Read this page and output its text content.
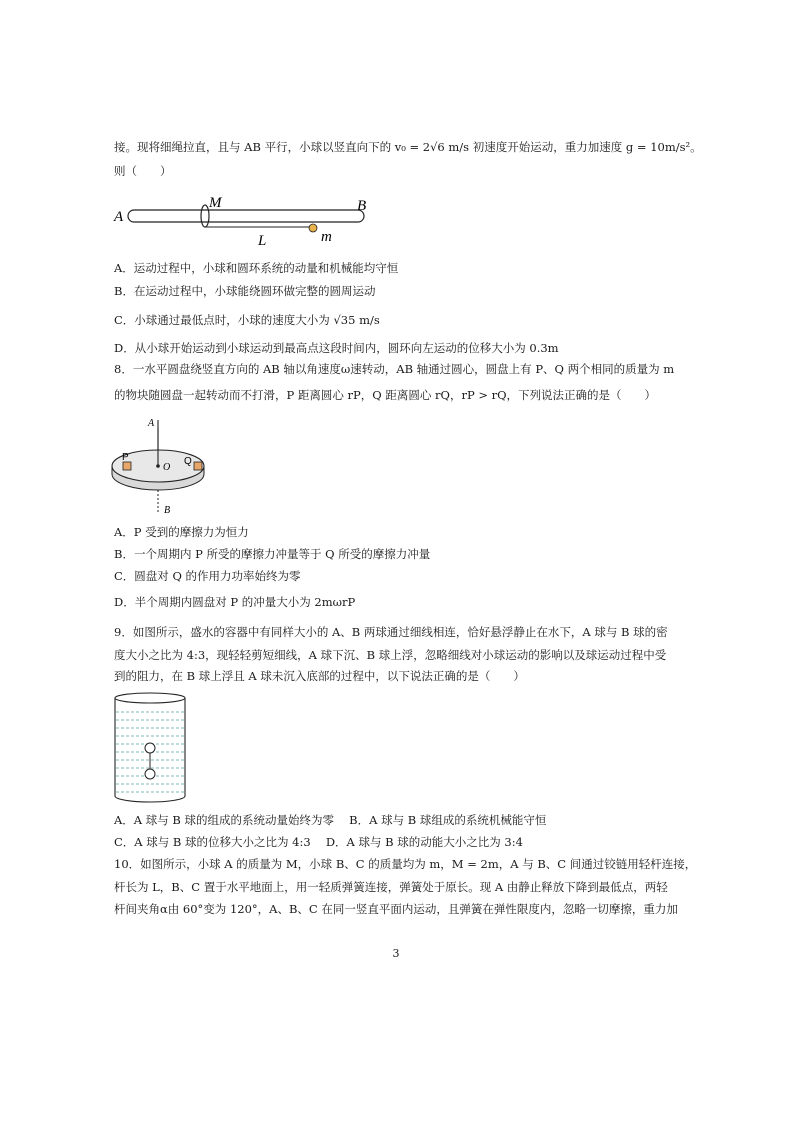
接。现将细绳拉直，且与 AB 平行，小球以竖直向下的 v₀ = 2√6 m/s 初速度开始运动，重力加速度 g = 10m/s²。
则（　　）
A
M	B
L	m
A．运动过程中，小球和圆环系统的动量和机械能均守恒
B．在运动过程中，小球能绕圆环做完整的圆周运动
C．小球通过最低点时，小球的速度大小为 √35 m/s
D．从小球开始运动到小球运动到最高点这段时间内，圆环向左运动的位移大小为 0.3m
8．一水平圆盘绕竖直方向的 AB 轴以角速度ω速转动，AB 轴通过圆心，圆盘上有 P、Q 两个相同的质量为 m
的物块随圆盘一起转动而不打滑，P 距离圆心 rP，Q 距离圆心 rQ，rP > rQ，下列说法正确的是（　　）
A
P
O
Q
B
A．P 受到的摩擦力为恒力
B．一个周期内 P 所受的摩擦力冲量等于 Q 所受的摩擦力冲量
C．圆盘对 Q 的作用力功率始终为零
D．半个周期内圆盘对 P 的冲量大小为 2mωrP
9．如图所示，盛水的容器中有同样大小的 A、B 两球通过细线相连，恰好悬浮静止在水下，A 球与 B 球的密
度大小之比为 4:3，现轻轻剪短细线，A 球下沉、B 球上浮，忽略细线对小球运动的影响以及球运动过程中受
到的阻力，在 B 球上浮且 A 球未沉入底部的过程中，以下说法正确的是（　　）
A．A 球与 B 球的组成的系统动量始终为零　 B．A 球与 B 球组成的系统机械能守恒
C．A 球与 B 球的位移大小之比为 4:3　 D．A 球与 B 球的动能大小之比为 3:4
10．如图所示，小球 A 的质量为 M，小球 B、C 的质量均为 m，M = 2m，A 与 B、C 间通过铰链用轻杆连接，
杆长为 L，B、C 置于水平地面上，用一轻质弹簧连接，弹簧处于原长。现 A 由静止释放下降到最低点，两轻
杆间夹角α由 60°变为 120°，A、B、C 在同一竖直平面内运动，且弹簧在弹性限度内，忽略一切摩擦，重力加
3
